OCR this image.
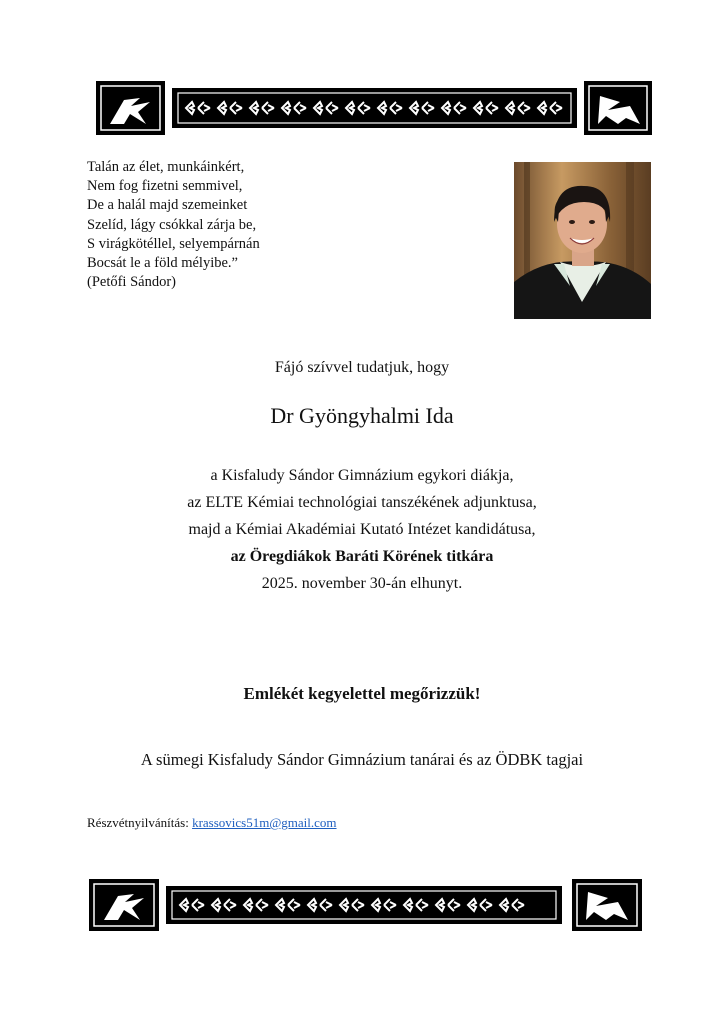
Talán az élet, munkáinkért,
Nem fog fizetni semmivel,
De a halál majd szemeinket
Szelíd, lágy csókkal zárja be,
S virágkötéllel, selyempárnán
Bocsát le a föld mélyibe.”
(Petőfi Sándor)
Fájó szívvel tudatjuk, hogy
Dr Gyöngyhalmi Ida
a Kisfaludy Sándor Gimnázium egykori diákja,
az ELTE Kémiai technológiai tanszékének adjunktusa,
majd a Kémiai Akadémiai Kutató Intézet kandidátusa,
az Öregdiákok Baráti Körének titkára
2025. november 30-án elhunyt.
Emlékét kegyelettel megőrizzük!
A sümegi Kisfaludy Sándor Gimnázium tanárai és az ÖDBK tagjai
Részvétnyilvánítás: krassovics51m@gmail.com
